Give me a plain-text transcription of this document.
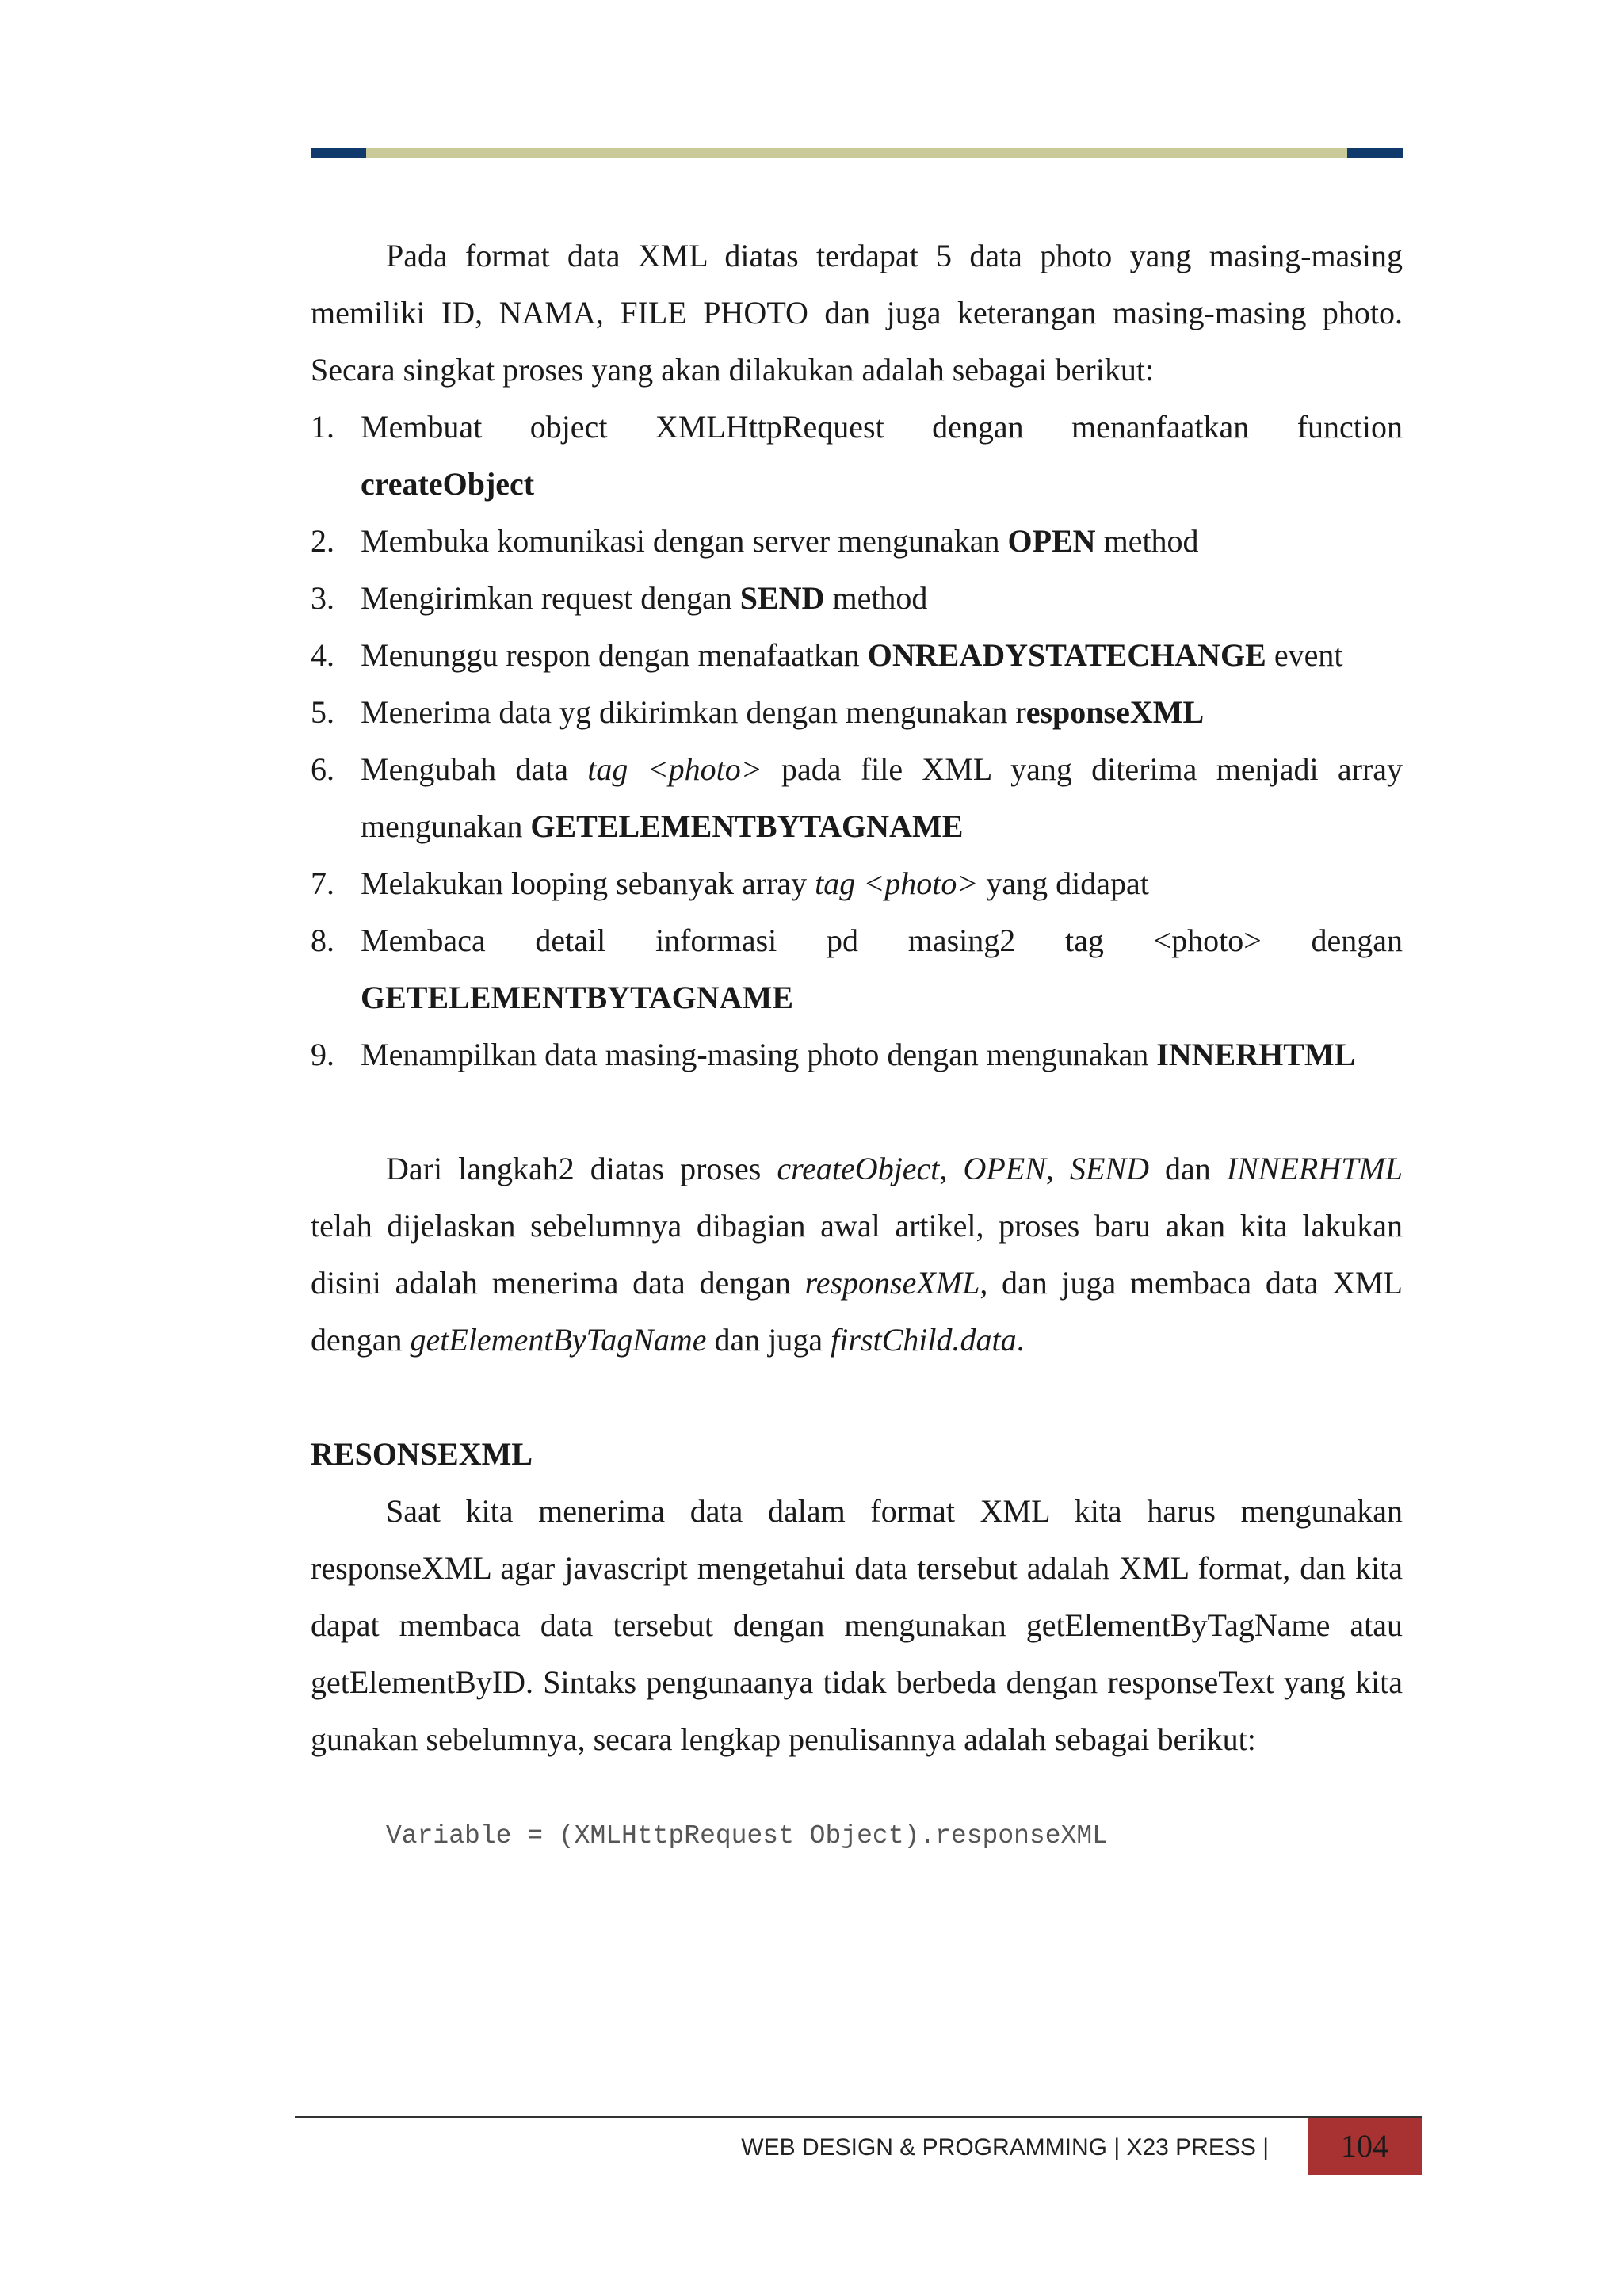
Pada format data XML diatas terdapat 5 data photo yang masing-masing memiliki ID, NAMA, FILE PHOTO dan juga keterangan masing-masing photo. Secara singkat proses yang akan dilakukan adalah sebagai berikut:

1. Membuat object XMLHttpRequest dengan menanfaatkan function
createObject
2. Membuka komunikasi dengan server mengunakan OPEN method
3. Mengirimkan request dengan SEND method
4. Menunggu respon dengan menafaatkan ONREADYSTATECHANGE event
5. Menerima data yg dikirimkan dengan mengunakan responseXML
6. Mengubah data tag <photo> pada file XML yang diterima menjadi array mengunakan GETELEMENTBYTAGNAME
7. Melakukan looping sebanyak array tag <photo> yang didapat
8. Membaca detail informasi pd masing2 tag <photo> dengan
GETELEMENTBYTAGNAME
9. Menampilkan data masing-masing photo dengan mengunakan INNERHTML

Dari langkah2 diatas proses createObject, OPEN, SEND dan INNERHTML telah dijelaskan sebelumnya dibagian awal artikel, proses baru akan kita lakukan disini adalah menerima data dengan responseXML, dan juga membaca data XML dengan getElementByTagName dan juga firstChild.data.

RESONSEXML

Saat kita menerima data dalam format XML kita harus mengunakan responseXML agar javascript mengetahui data tersebut adalah XML format, dan kita dapat membaca data tersebut dengan mengunakan getElementByTagName atau getElementByID. Sintaks pengunaanya tidak berbeda dengan responseText yang kita gunakan sebelumnya, secara lengkap penulisannya adalah sebagai berikut:

Variable = (XMLHttpRequest Object).responseXML
WEB DESIGN & PROGRAMMING | X23 PRESS |	104
